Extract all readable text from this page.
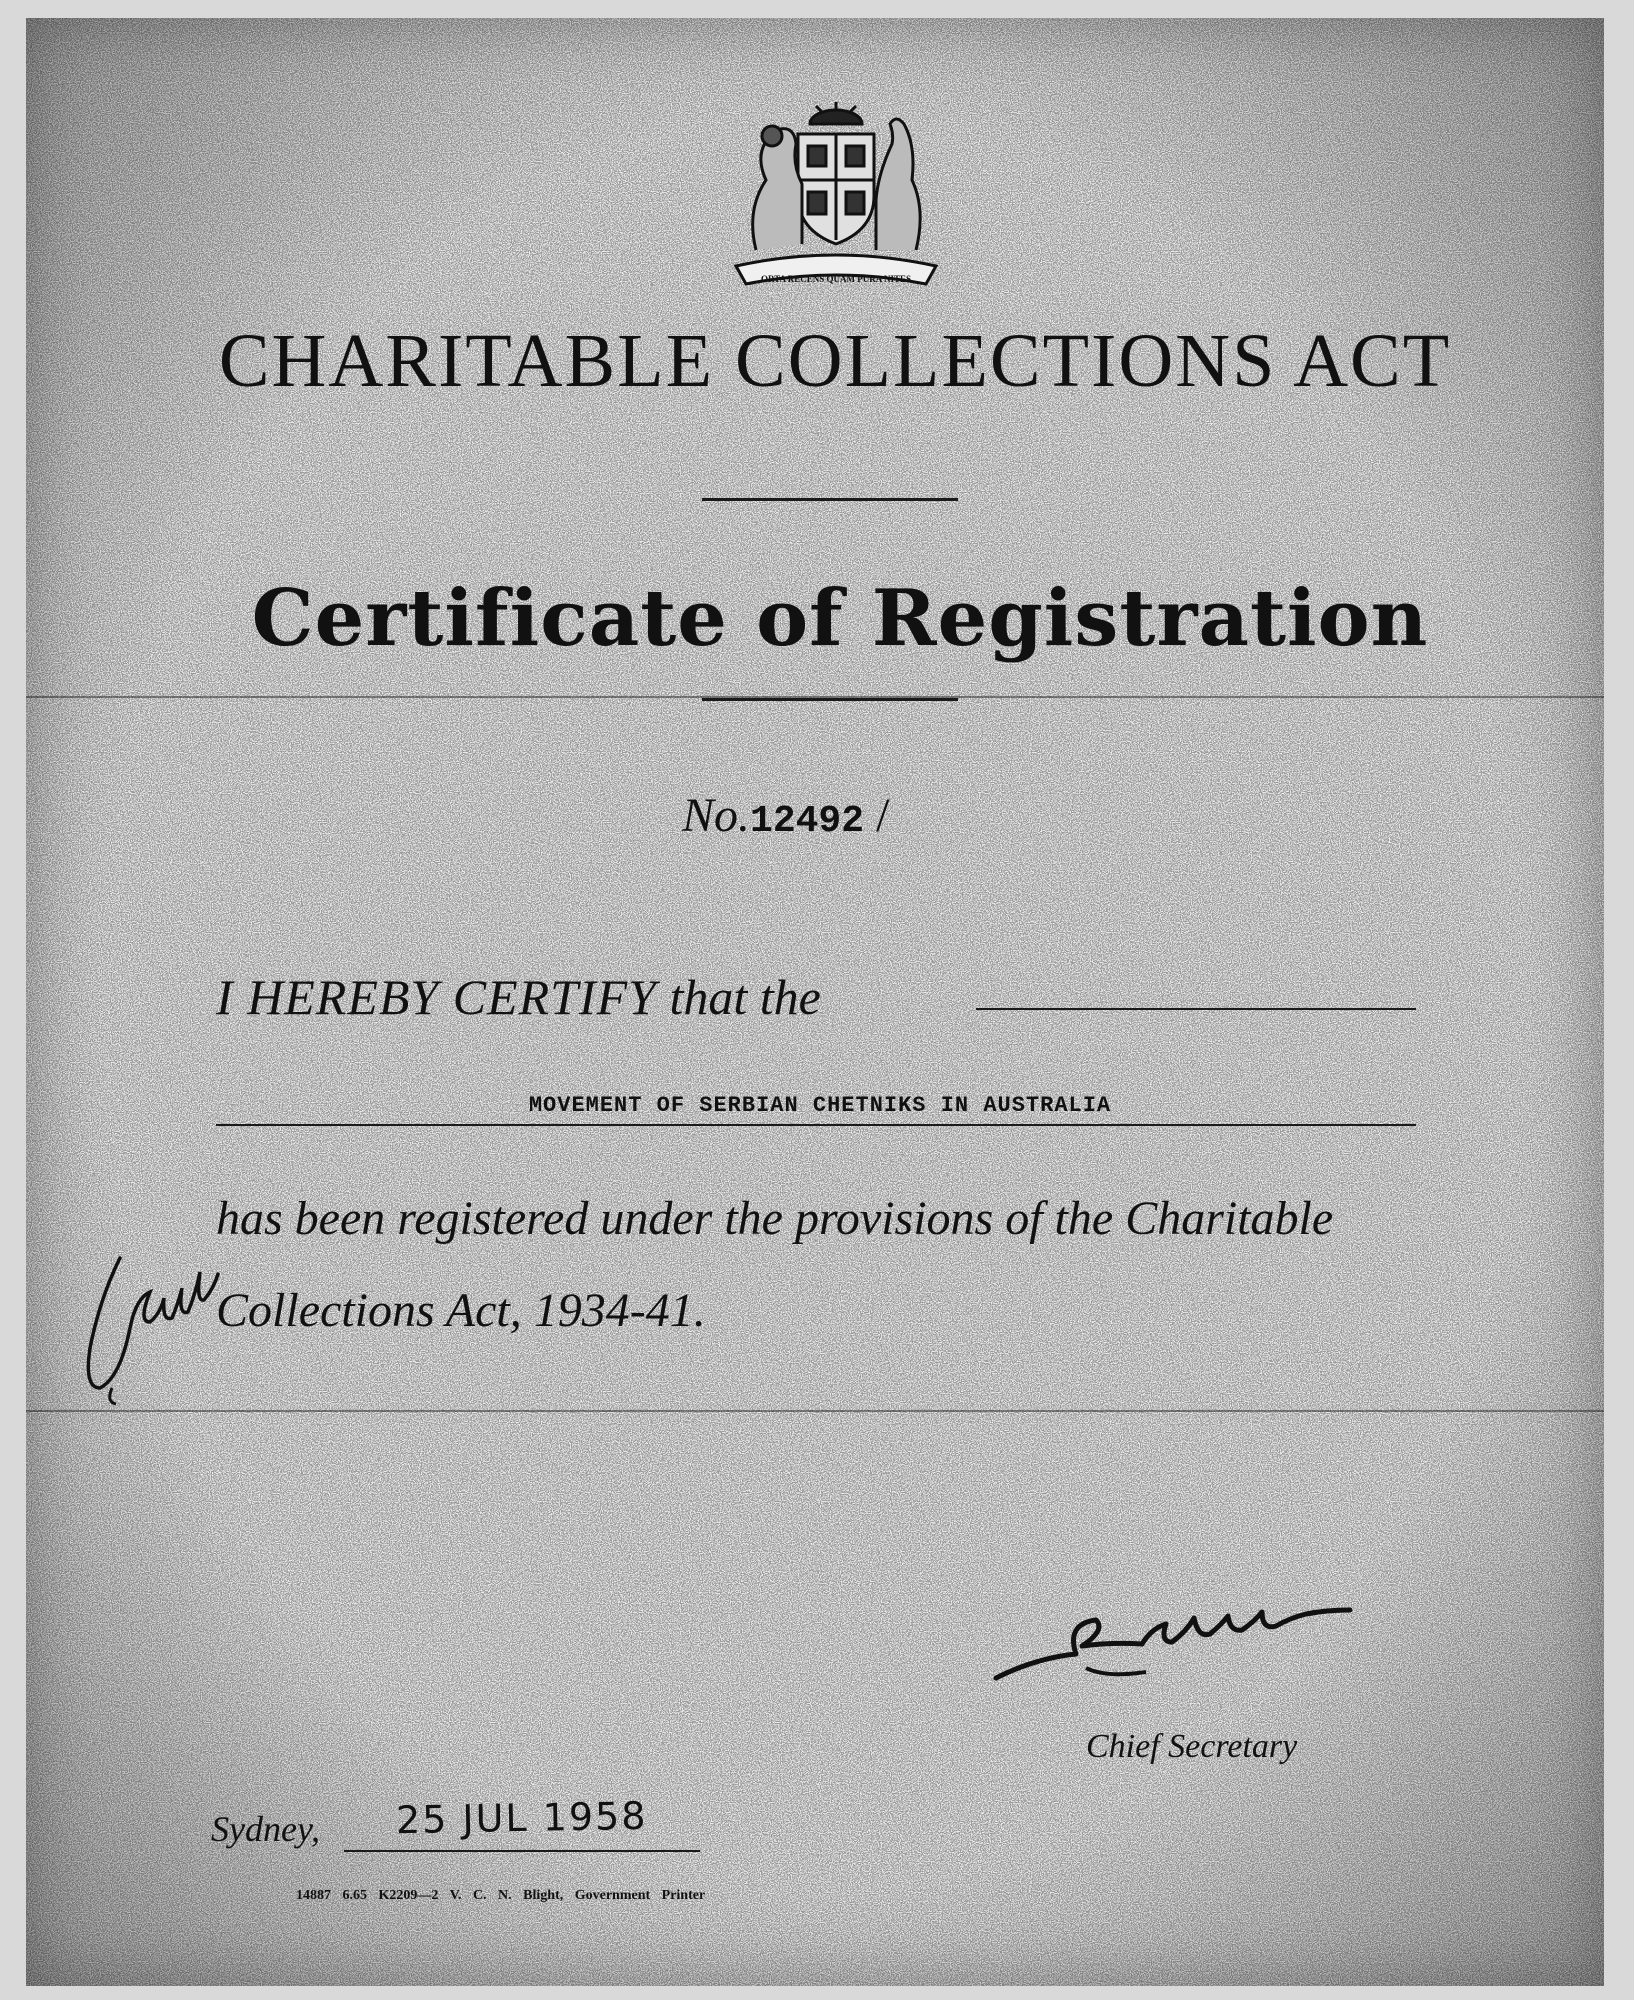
ORTA RECENS QUAM PURA NITES
CHARITABLE COLLECTIONS ACT
Certificate of Registration
No.12492 /
I HEREBY CERTIFY that the
MOVEMENT OF SERBIAN CHETNIKS IN AUSTRALIA
has been registered under the provisions of the Charitable
Collections Act, 1934-41.
Chief Secretary
Sydney, 25 JUL 1958
14887 6.65 K2209—2 V. C. N. Blight, Government Printer
